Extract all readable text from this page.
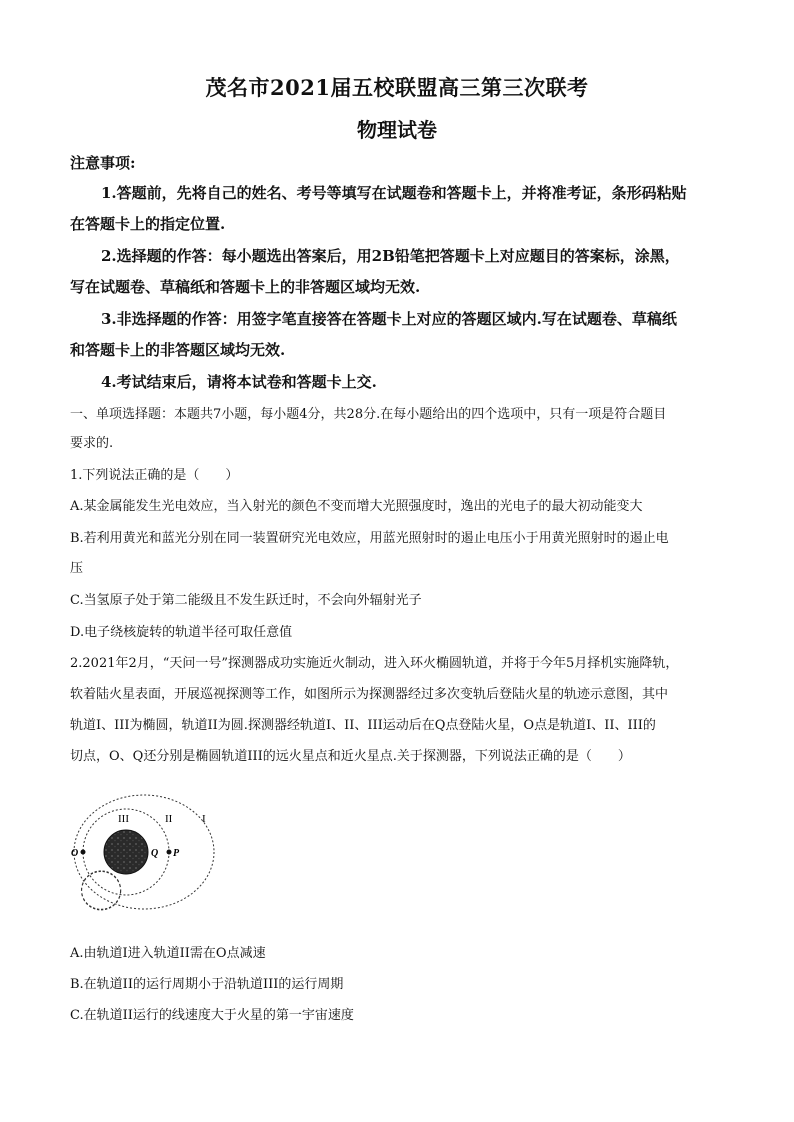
茂名市2021届五校联盟高三第三次联考
物理试卷
注意事项:
1.答题前，先将自己的姓名、考号等填写在试题卷和答题卡上，并将准考证，条形码粘贴
在答题卡上的指定位置.
2.选择题的作答：每小题选出答案后，用2B铅笔把答题卡上对应题目的答案标，涂黑，
写在试题卷、草稿纸和答题卡上的非答题区域均无效.
3.非选择题的作答：用签字笔直接答在答题卡上对应的答题区域内.写在试题卷、草稿纸
和答题卡上的非答题区域均无效.
4.考试结束后，请将本试卷和答题卡上交.
一、单项选择题：本题共7小题，每小题4分，共28分.在每小题给出的四个选项中，只有一项是符合题目
要求的.
1.下列说法正确的是（　　）
A.某金属能发生光电效应，当入射光的颜色不变而增大光照强度时，逸出的光电子的最大初动能变大
B.若利用黄光和蓝光分别在同一装置研究光电效应，用蓝光照射时的遏止电压小于用黄光照射时的遏止电
压
C.当氢原子处于第二能级且不发生跃迁时，不会向外辐射光子
D.电子绕核旋转的轨道半径可取任意值
2.2021年2月，“天问一号”探测器成功实施近火制动，进入环火椭圆轨道，并将于今年5月择机实施降轨，
软着陆火星表面，开展巡视探测等工作，如图所示为探测器经过多次变轨后登陆火星的轨迹示意图，其中
轨道I、III为椭圆，轨道II为圆.探测器经轨道I、II、III运动后在Q点登陆火星，O点是轨道I、II、III的
切点，O、Q还分别是椭圆轨道III的远火星点和近火星点.关于探测器，下列说法正确的是（　　）
III	II	I
O	Q P
A.由轨道I进入轨道II需在O点减速
B.在轨道II的运行周期小于沿轨道III的运行周期
C.在轨道II运行的线速度大于火星的第一宇宙速度
